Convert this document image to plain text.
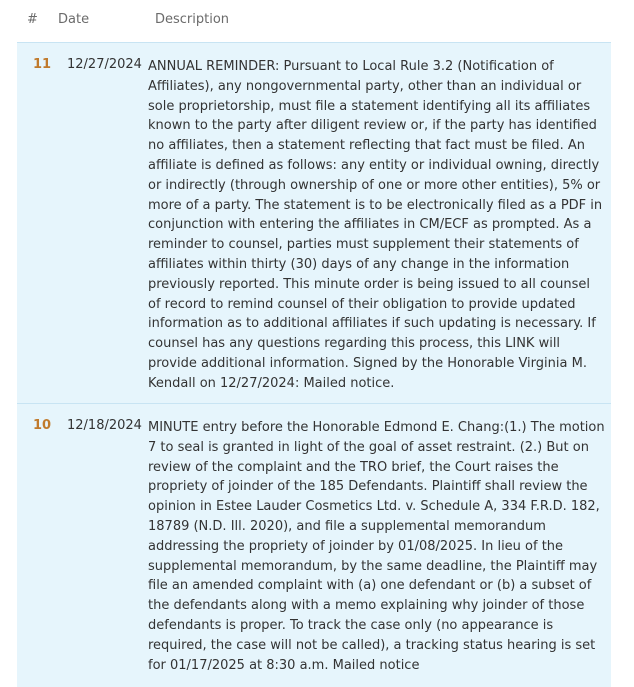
# Date	Description
11 12/27/2024 ANNUAL REMINDER: Pursuant to Local Rule 3.2 (Notification of Affiliates), any nongovernmental party, other than an individual or sole proprietorship, must file a statement identifying all its affiliates known to the party after diligent review or, if the party has identified no affiliates, then a statement reflecting that fact must be filed. An affiliate is defined as follows: any entity or individual owning, directly or indirectly (through ownership of one or more other entities), 5% or more of a party. The statement is to be electronically filed as a PDF in conjunction with entering the affiliates in CM/ECF as prompted. As a reminder to counsel, parties must supplement their statements of affiliates within thirty (30) days of any change in the information previously reported. This minute order is being issued to all counsel of record to remind counsel of their obligation to provide updated information as to additional affiliates if such updating is necessary. If counsel has any questions regarding this process, this LINK will provide additional information. Signed by the Honorable Virginia M. Kendall on 12/27/2024: Mailed notice.

10 12/18/2024 MINUTE entry before the Honorable Edmond E. Chang:(1.) The motion 7 to seal is granted in light of the goal of asset restraint. (2.) But on review of the complaint and the TRO brief, the Court raises the propriety of joinder of the 185 Defendants. Plaintiff shall review the opinion in Estee Lauder Cosmetics Ltd. v. Schedule A, 334 F.R.D. 182, 18789 (N.D. Ill. 2020), and file a supplemental memorandum addressing the propriety of joinder by 01/08/2025. In lieu of the supplemental memorandum, by the same deadline, the Plaintiff may file an amended complaint with (a) one defendant or (b) a subset of the defendants along with a memo explaining why joinder of those defendants is proper. To track the case only (no appearance is required, the case will not be called), a tracking status hearing is set for 01/17/2025 at 8:30 a.m. Mailed notice
